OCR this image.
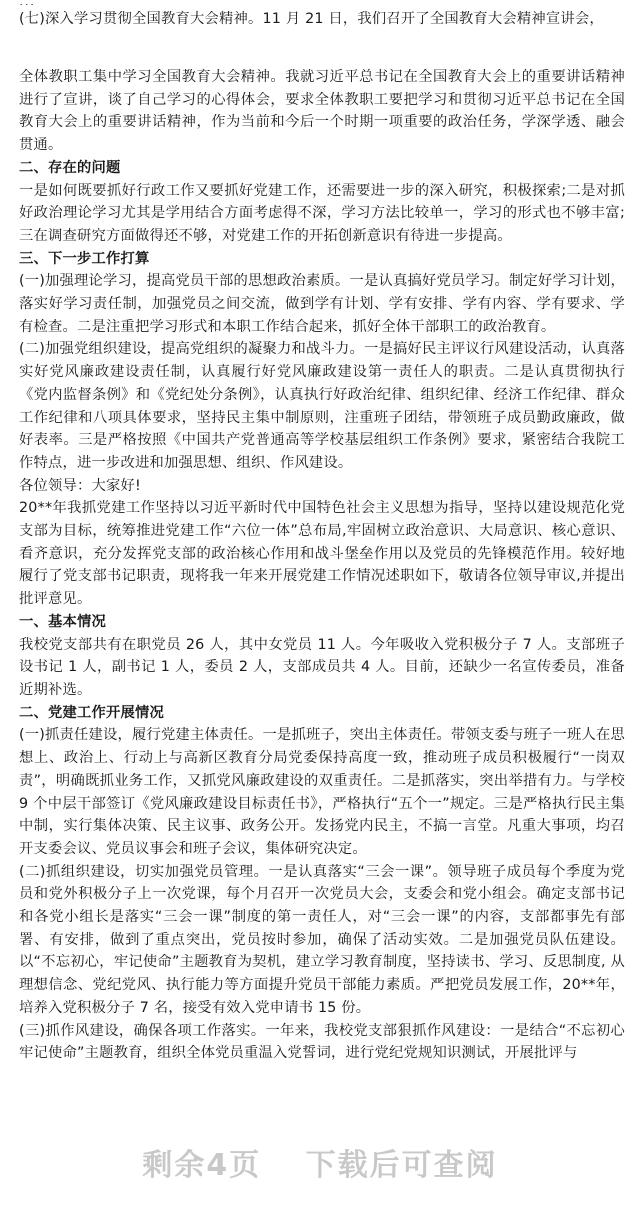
(七)深入学习贯彻全国教育大会精神。11 月 21 日，我们召开了全国教育大会精神宣讲会，

全体教职工集中学习全国教育大会精神。我就习近平总书记在全国教育大会上的重要讲话精神进行了宣讲，谈了自己学习的心得体会，要求全体教职工要把学习和贯彻习近平总书记在全国教育大会上的重要讲话精神，作为当前和今后一个时期一项重要的政治任务，学深学透、融会贯通。

二、存在的问题

一是如何既要抓好行政工作又要抓好党建工作，还需要进一步的深入研究，积极探索;二是对抓好政治理论学习尤其是学用结合方面考虑得不深，学习方法比较单一，学习的形式也不够丰富;三在调查研究方面做得还不够，对党建工作的开拓创新意识有待进一步提高。

三、下一步工作打算

(一)加强理论学习，提高党员干部的思想政治素质。一是认真搞好党员学习。制定好学习计划，落实好学习责任制，加强党员之间交流，做到学有计划、学有安排、学有内容、学有要求、学有检查。二是注重把学习形式和本职工作结合起来，抓好全体干部职工的政治教育。

(二)加强党组织建设，提高党组织的凝聚力和战斗力。一是搞好民主评议行风建设活动，认真落实好党风廉政建设责任制，认真履行好党风廉政建设第一责任人的职责。二是认真贯彻执行《党内监督条例》和《党纪处分条例》，认真执行好政治纪律、组织纪律、经济工作纪律、群众工作纪律和八项具体要求，坚持民主集中制原则，注重班子团结，带领班子成员勤政廉政，做好表率。三是严格按照《中国共产党普通高等学校基层组织工作条例》要求，紧密结合我院工作特点，进一步改进和加强思想、组织、作风建设。

各位领导：大家好!

20**年我抓党建工作坚持以习近平新时代中国特色社会主义思想为指导，坚持以建设规范化党支部为目标，统筹推进党建工作“六位一体”总布局,牢固树立政治意识、大局意识、核心意识、看齐意识，充分发挥党支部的政治核心作用和战斗堡垒作用以及党员的先锋模范作用。较好地履行了党支部书记职责，现将我一年来开展党建工作情况述职如下，敬请各位领导审议,并提出批评意见。

一、基本情况

我校党支部共有在职党员 26 人，其中女党员 11 人。今年吸收入党积极分子 7 人。支部班子设书记 1 人，副书记 1 人，委员 2 人，支部成员共 4 人。目前，还缺少一名宣传委员，准备近期补选。

二、党建工作开展情况

(一)抓责任建设，履行党建主体责任。一是抓班子，突出主体责任。带领支委与班子一班人在思想上、政治上、行动上与高新区教育分局党委保持高度一致，推动班子成员积极履行“一岗双责”，明确既抓业务工作，又抓党风廉政建设的双重责任。二是抓落实，突出举措有力。与学校 9 个中层干部签订《党风廉政建设目标责任书》，严格执行“五个一”规定。三是严格执行民主集中制，实行集体决策、民主议事、政务公开。发扬党内民主，不搞一言堂。凡重大事项，均召开支委会议、党员议事会和班子会议，集体研究决定。

(二)抓组织建设，切实加强党员管理。一是认真落实“三会一课”。领导班子成员每个季度为党员和党外积极分子上一次党课，每个月召开一次党员大会，支委会和党小组会。确定支部书记和各党小组长是落实“三会一课”制度的第一责任人，对“三会一课”的内容，支部都事先有部署、有安排，做到了重点突出，党员按时参加，确保了活动实效。二是加强党员队伍建设。以“不忘初心，牢记使命”主题教育为契机，建立学习教育制度，坚持读书、学习、反思制度, 从理想信念、党纪党风、执行能力等方面提升党员干部能力素质。严把党员发展工作，20**年，培养入党积极分子 7 名，接受有效入党申请书 15 份。

(三)抓作风建设，确保各项工作落实。一年来，我校党支部狠抓作风建设：一是结合“不忘初心 牢记使命”主题教育，组织全体党员重温入党誓词，进行党纪党规知识测试，开展批评与

剩余4页 下载后可查阅
